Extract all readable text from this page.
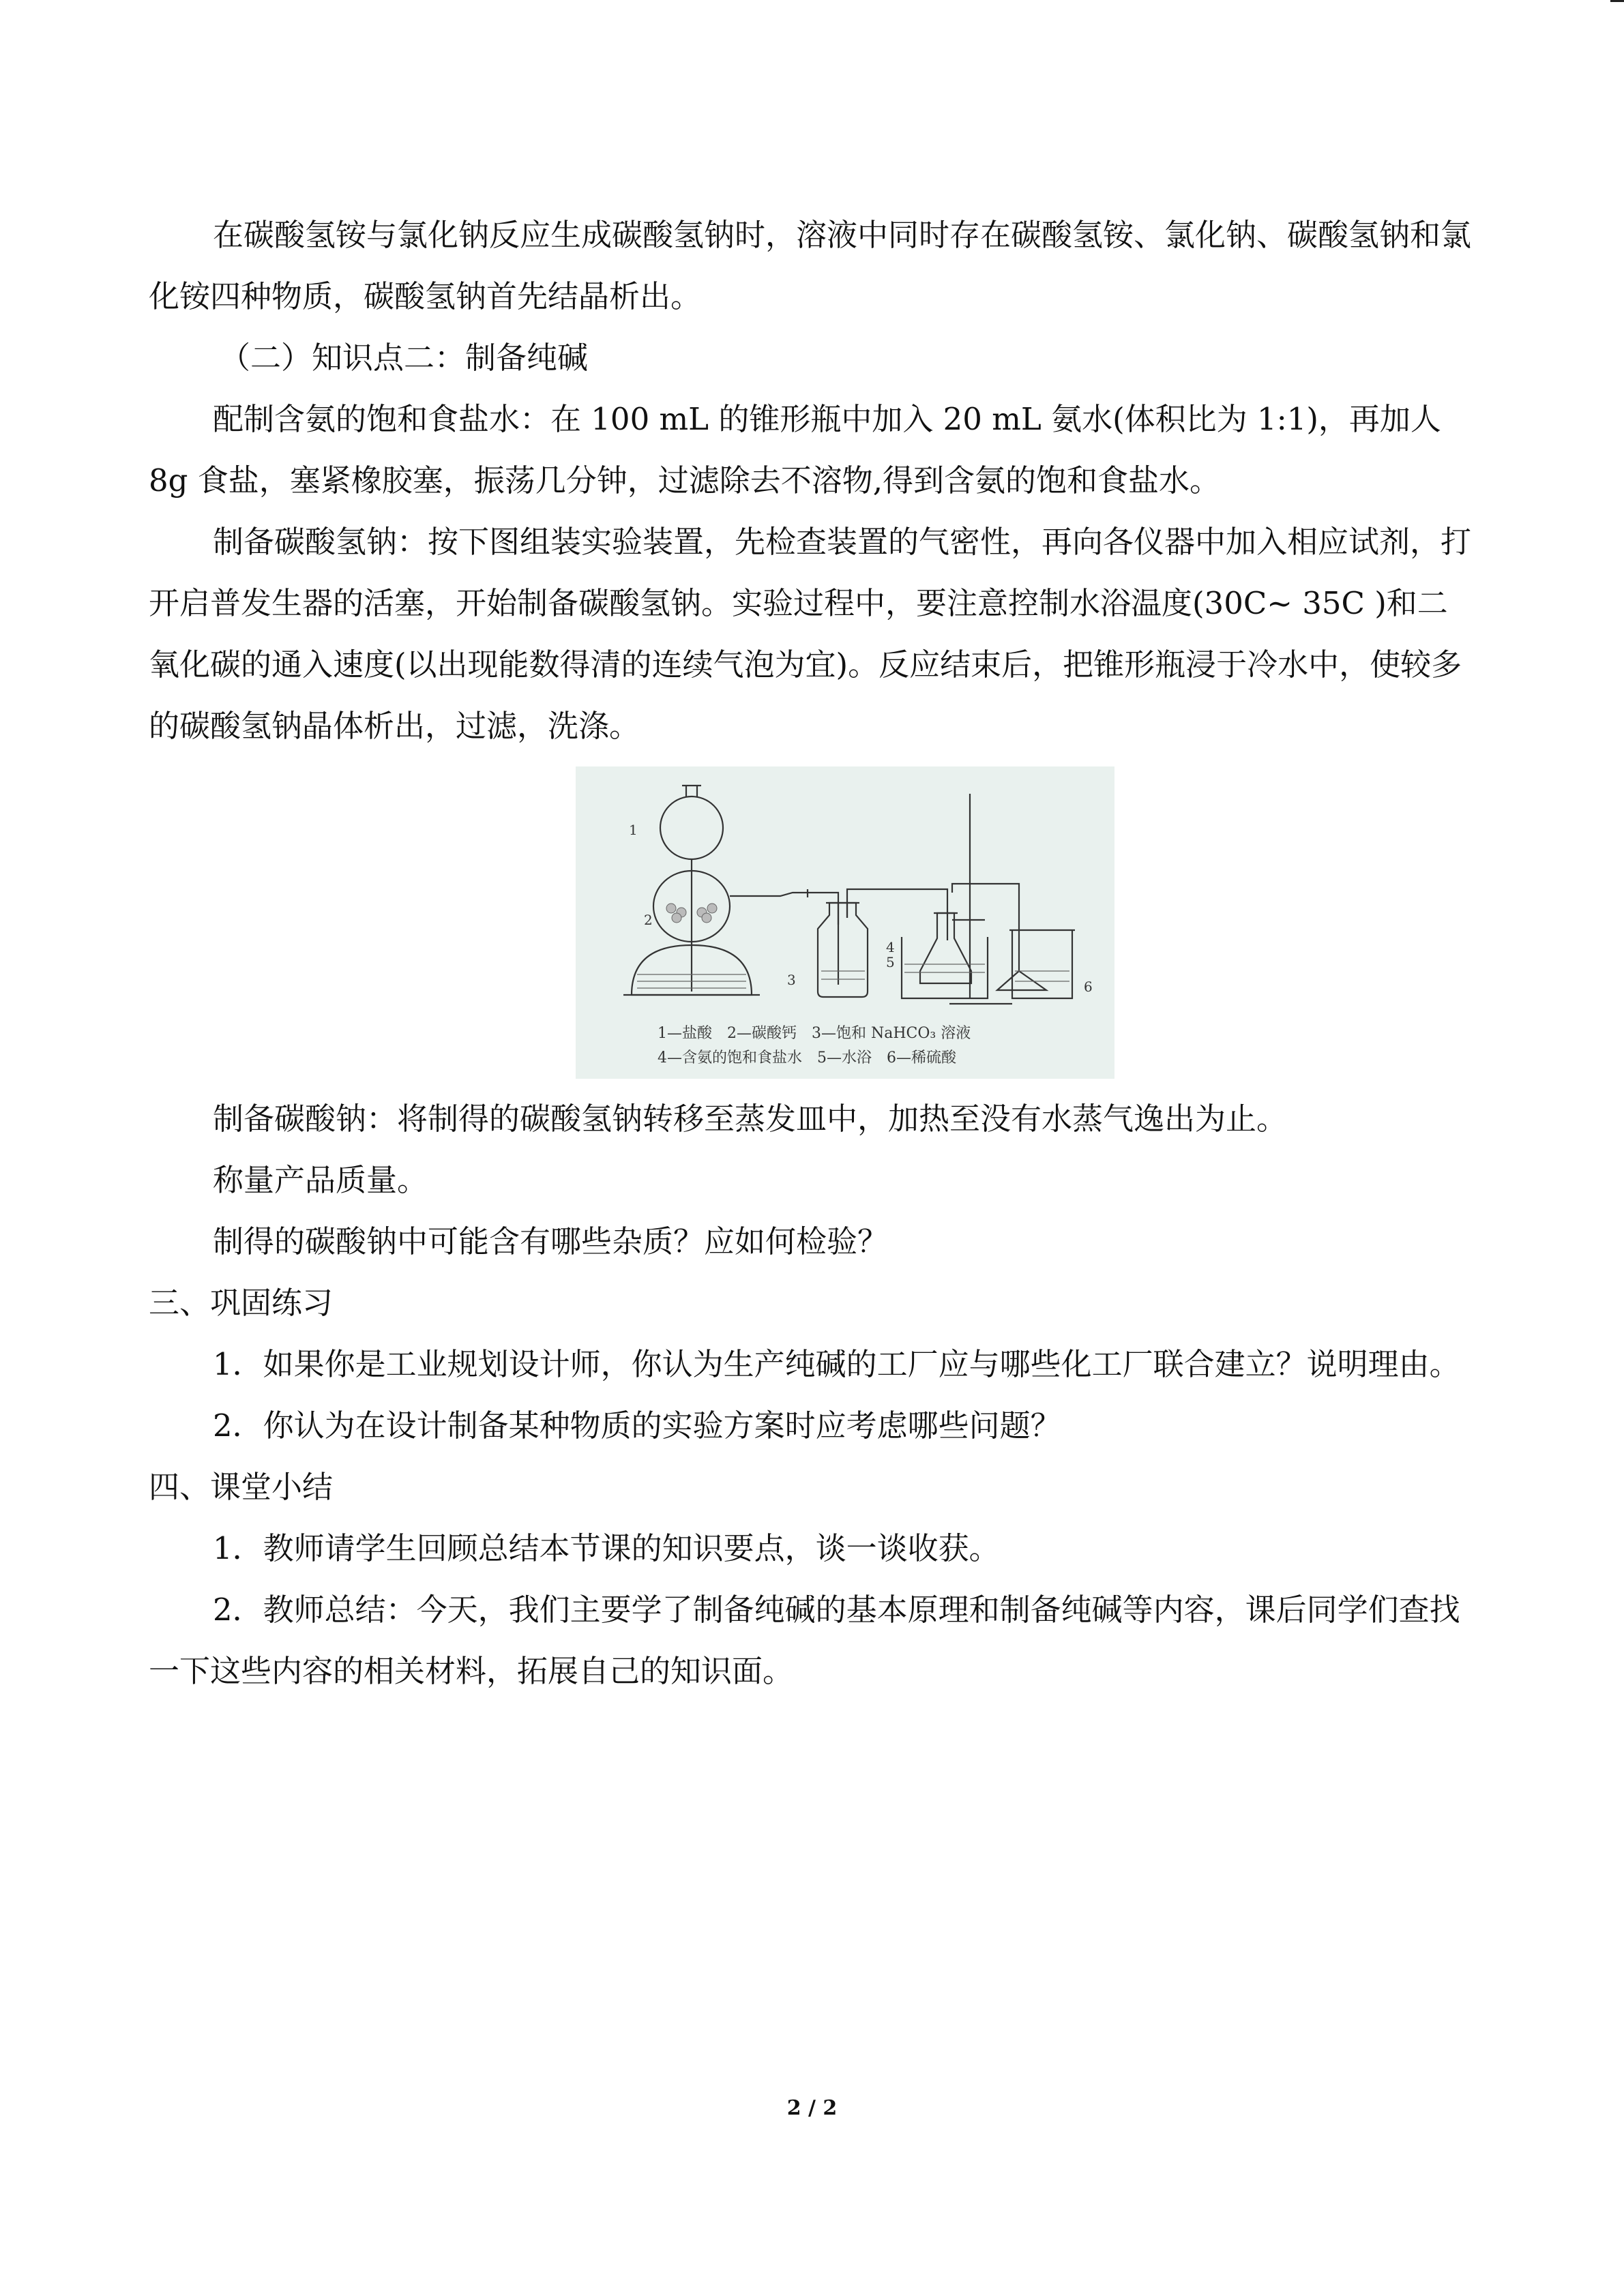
在碳酸氢铵与氯化钠反应生成碳酸氢钠时，溶液中同时存在碳酸氢铵、氯化钠、碳酸氢钠和氯化铵四种物质，碳酸氢钠首先结晶析出。

（二）知识点二：制备纯碱

配制含氨的饱和食盐水：在 100 mL 的锥形瓶中加入 20 mL 氨水(体积比为 1:1)，再加人 8g 食盐，塞紧橡胶塞，振荡几分钟，过滤除去不溶物,得到含氨的饱和食盐水。

制备碳酸氢钠：按下图组装实验装置，先检查装置的气密性，再向各仪器中加入相应试剂，打开启普发生器的活塞，开始制备碳酸氢钠。实验过程中，要注意控制水浴温度(30C~ 35C )和二氧化碳的通入速度(以出现能数得清的连续气泡为宜)。反应结束后，把锥形瓶浸于冷水中，使较多的碳酸氢钠晶体析出，过滤，洗涤。

1
2
3
4
5
6
1—盐酸　2—碳酸钙　3—饱和 NaHCO₃ 溶液
4—含氨的饱和食盐水　5—水浴　6—稀硫酸

制备碳酸钠：将制得的碳酸氢钠转移至蒸发皿中，加热至没有水蒸气逸出为止。

称量产品质量。

制得的碳酸钠中可能含有哪些杂质？应如何检验？

三、巩固练习

1．如果你是工业规划设计师，你认为生产纯碱的工厂应与哪些化工厂联合建立？说明理由。

2．你认为在设计制备某种物质的实验方案时应考虑哪些问题？

四、课堂小结

1．教师请学生回顾总结本节课的知识要点，谈一谈收获。

2．教师总结：今天，我们主要学了制备纯碱的基本原理和制备纯碱等内容，课后同学们查找一下这些内容的相关材料，拓展自己的知识面。

2 / 2
